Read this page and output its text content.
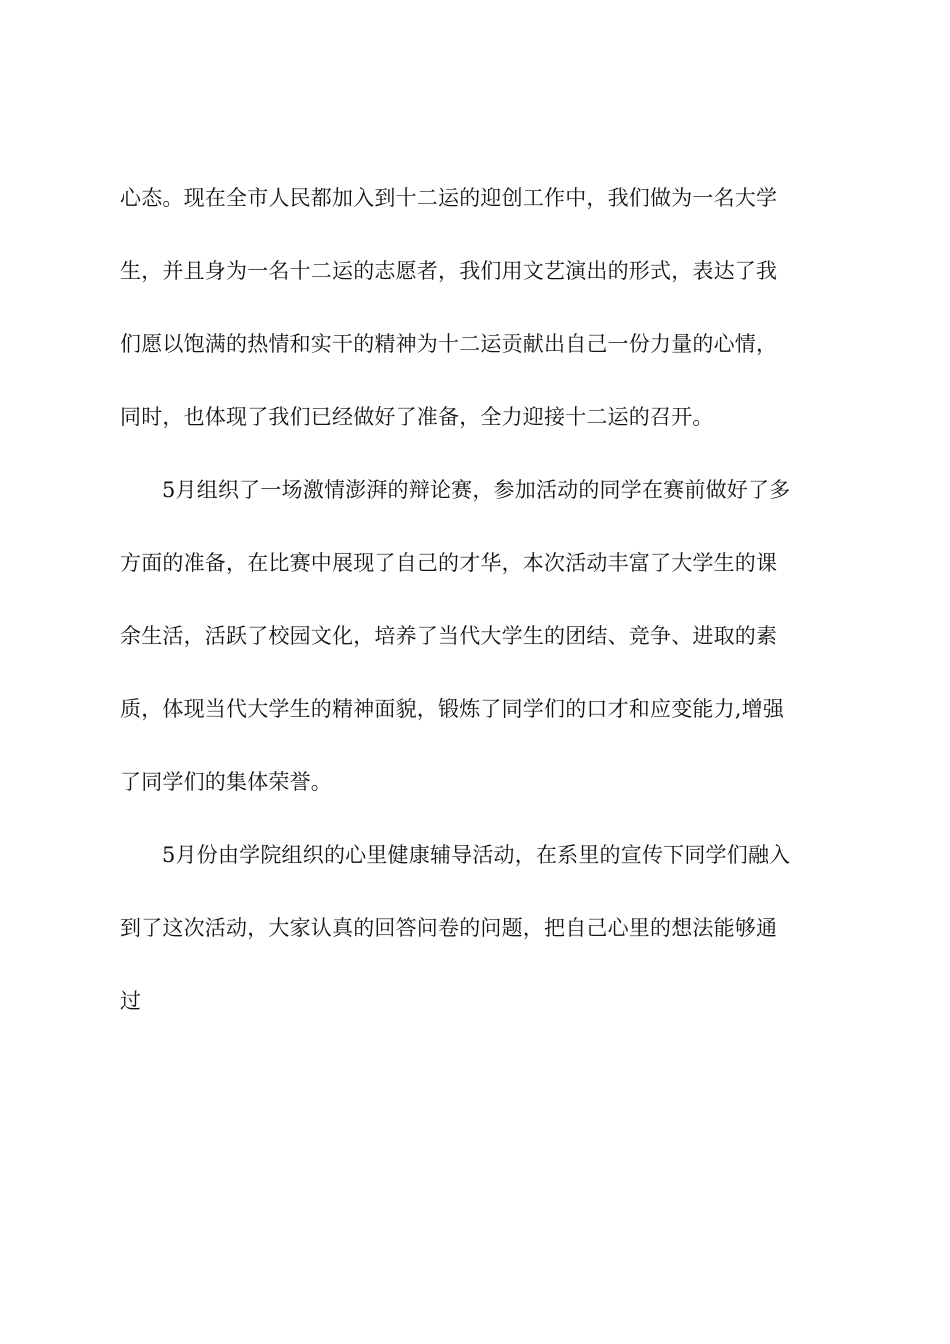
心态。现在全市人民都加入到十二运的迎创工作中，我们做为一名大学
生，并且身为一名十二运的志愿者，我们用文艺演出的形式，表达了我
们愿以饱满的热情和实干的精神为十二运贡献出自己一份力量的心情，
同时，也体现了我们已经做好了准备，全力迎接十二运的召开。
5月组织了一场激情澎湃的辩论赛，参加活动的同学在赛前做好了多
方面的准备，在比赛中展现了自己的才华，本次活动丰富了大学生的课
余生活，活跃了校园文化，培养了当代大学生的团结、竞争、进取的素
质，体现当代大学生的精神面貌，锻炼了同学们的口才和应变能力,增强
了同学们的集体荣誉。
5月份由学院组织的心里健康辅导活动，在系里的宣传下同学们融入
到了这次活动，大家认真的回答问卷的问题，把自己心里的想法能够通
过
